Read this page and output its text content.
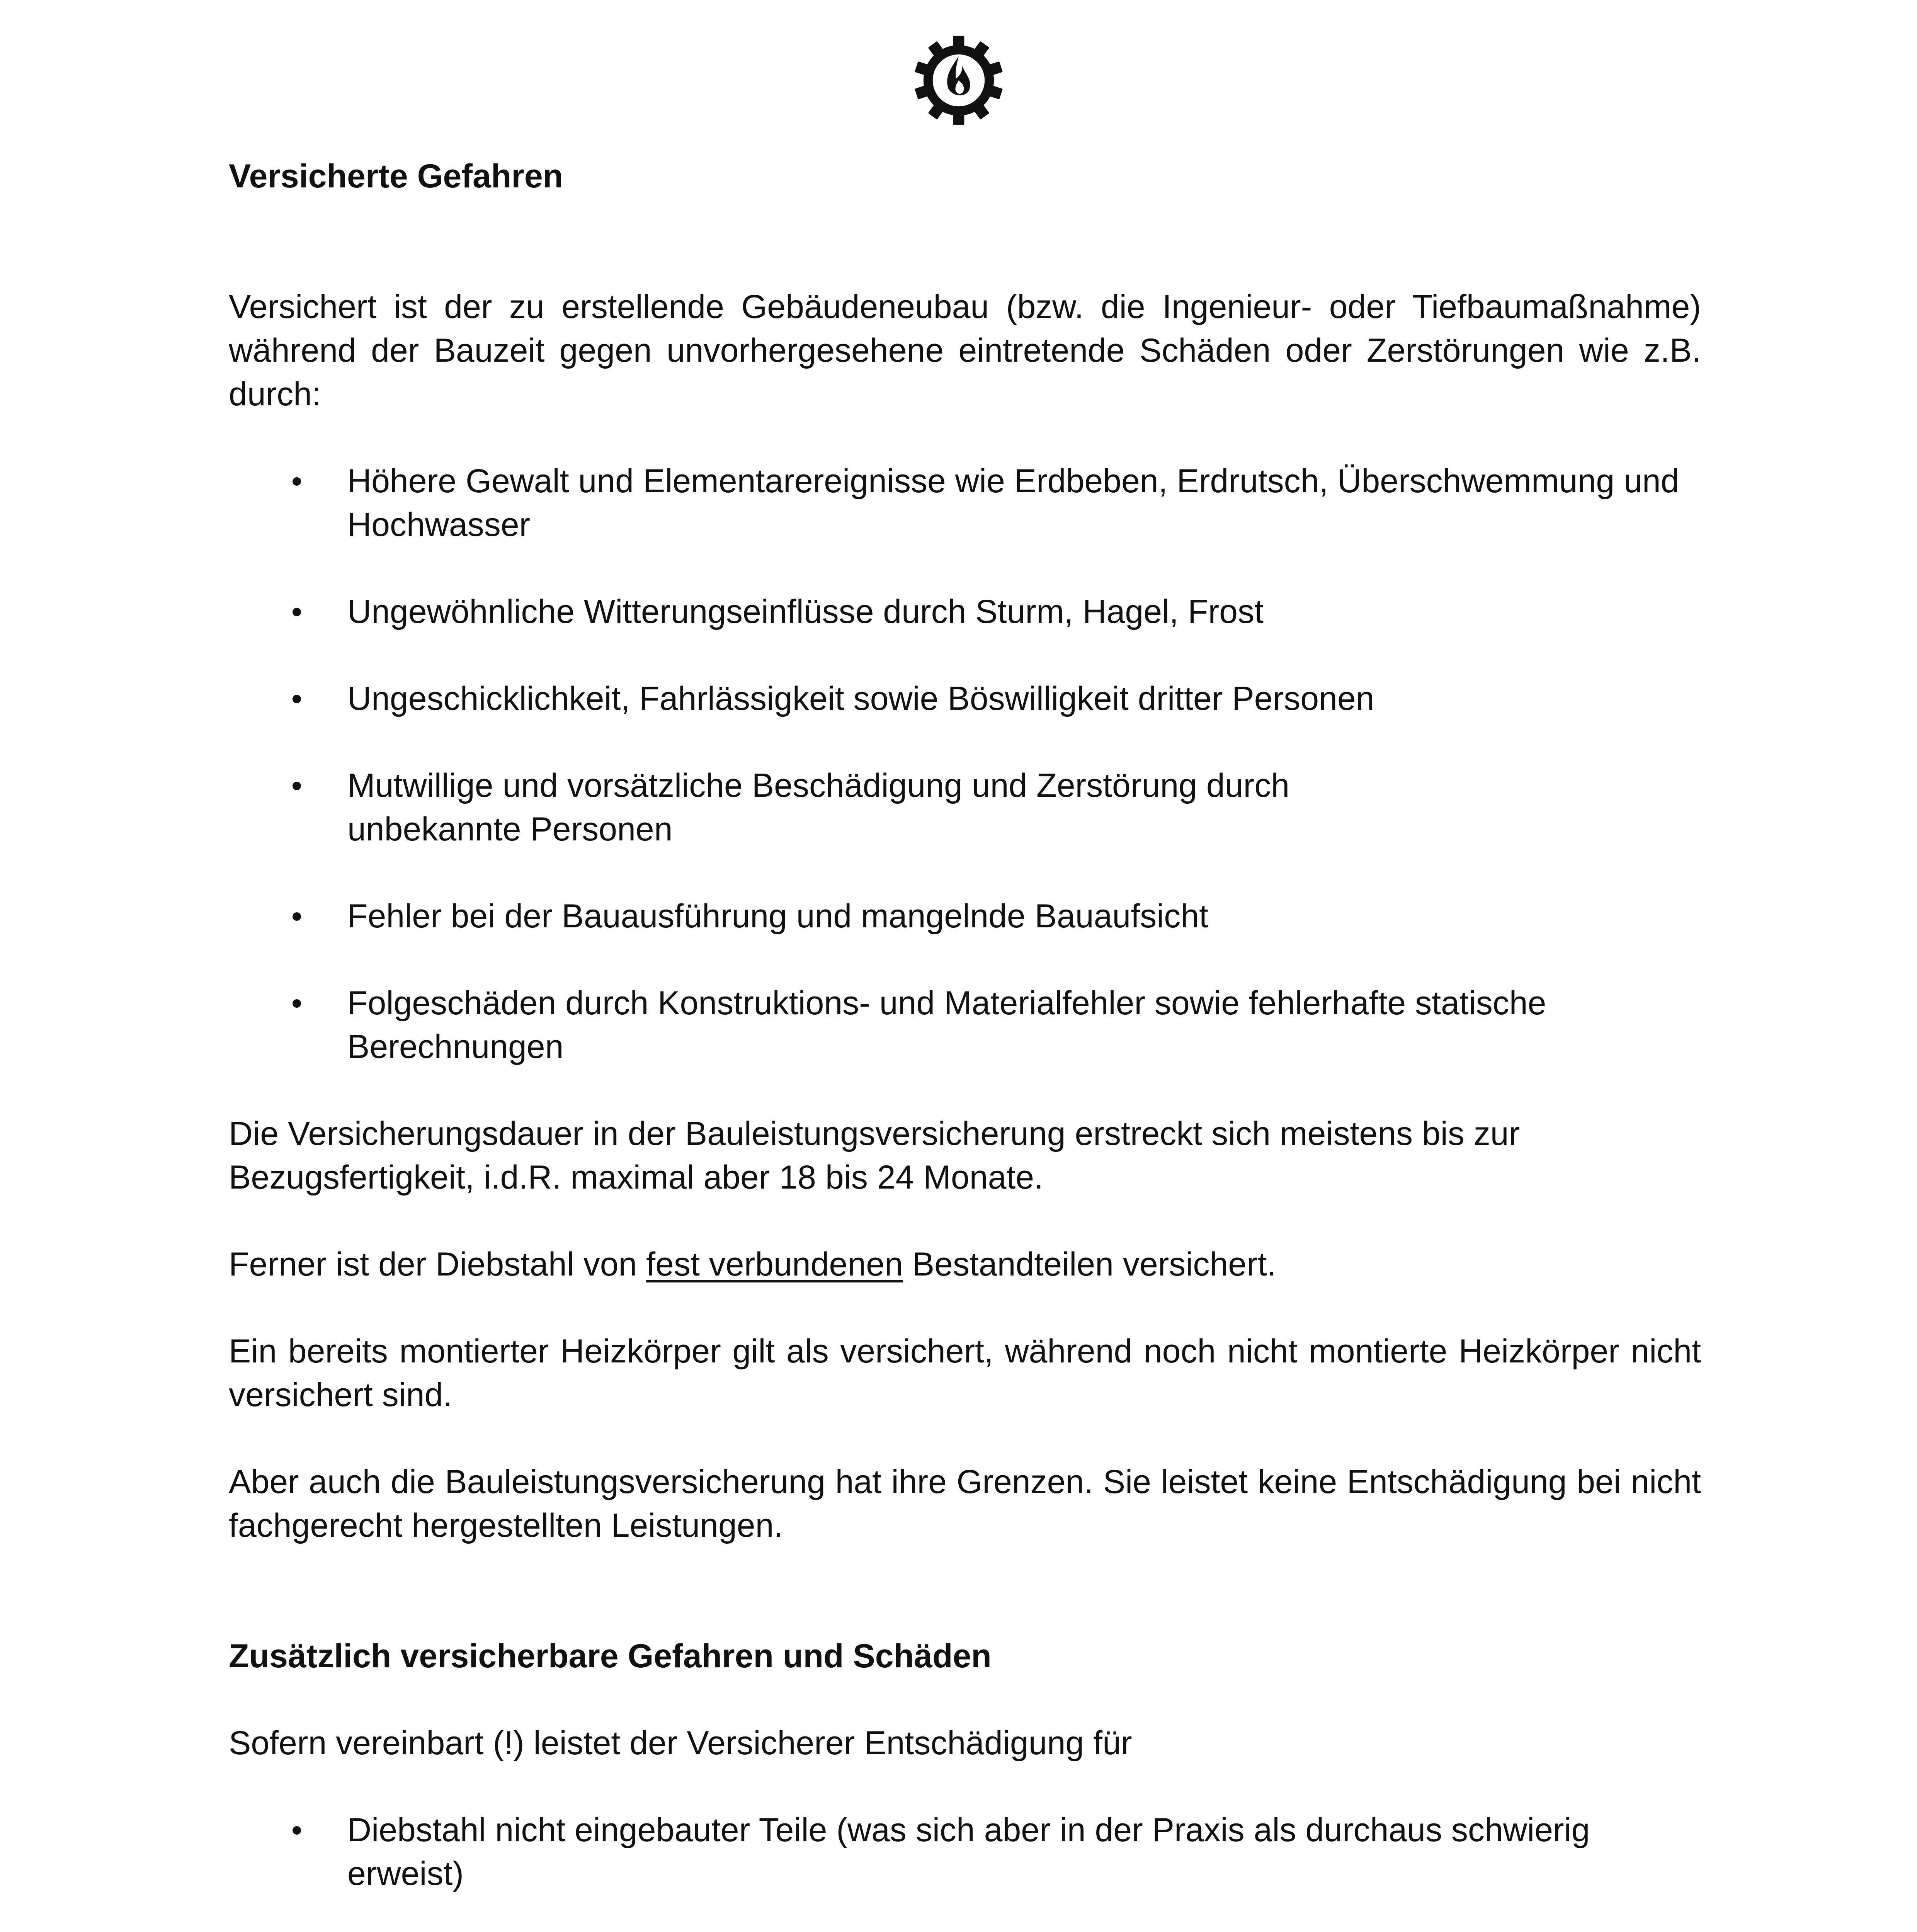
Versicherte Gefahren

Versichert ist der zu erstellende Gebäudeneubau (bzw. die Ingenieur- oder Tiefbaumaßnahme) während der Bauzeit gegen unvorhergesehene eintretende Schäden oder Zerstörungen wie z.B. durch:

Höhere Gewalt und Elementarereignisse wie Erdbeben, Erdrutsch, Überschwemmung und Hochwasser
Ungewöhnliche Witterungseinflüsse durch Sturm, Hagel, Frost
Ungeschicklichkeit, Fahrlässigkeit sowie Böswilligkeit dritter Personen
Mutwillige und vorsätzliche Beschädigung und Zerstörung durch
unbekannte Personen
Fehler bei der Bauausführung und mangelnde Bauaufsicht
Folgeschäden durch Konstruktions- und Materialfehler sowie fehlerhafte statische Berechnungen

Die Versicherungsdauer in der Bauleistungsversicherung erstreckt sich meistens bis zur
Bezugsfertigkeit, i.d.R. maximal aber 18 bis 24 Monate.

Ferner ist der Diebstahl von fest verbundenen Bestandteilen versichert.

Ein bereits montierter Heizkörper gilt als versichert, während noch nicht montierte Heizkörper nicht versichert sind.

Aber auch die Bauleistungsversicherung hat ihre Grenzen. Sie leistet keine Entschädigung bei nicht fachgerecht hergestellten Leistungen.

Zusätzlich versicherbare Gefahren und Schäden

Sofern vereinbart (!) leistet der Versicherer Entschädigung für

Diebstahl nicht eingebauter Teile (was sich aber in der Praxis als durchaus schwierig erweist)
